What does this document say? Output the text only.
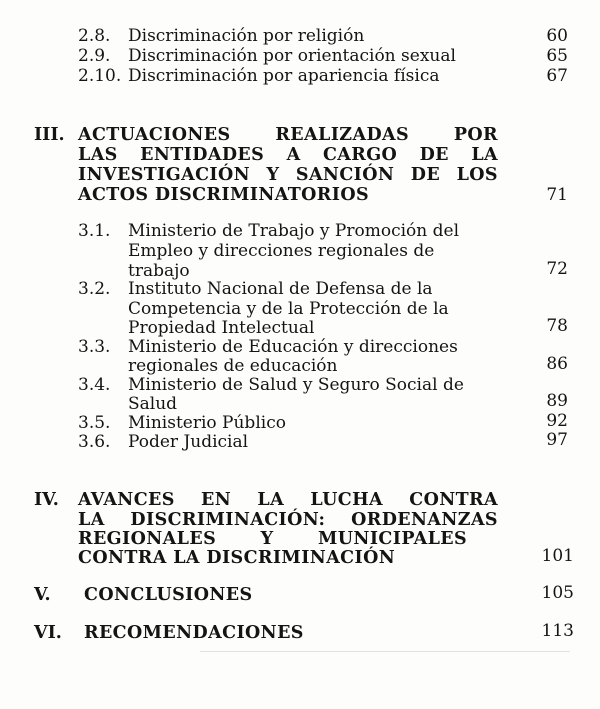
2.8. Discriminación por religión	60
2.9. Discriminación por orientación sexual	65
2.10. Discriminación por apariencia física	67
III. ACTUACIONES	REALIZADAS	POR
LAS ENTIDADES A CARGO DE LA
INVESTIGACIÓN Y SANCIÓN DE LOS
ACTOS DISCRIMINATORIOS	71
3.1. Ministerio de Trabajo y Promoción del
Empleo y direcciones regionales de
trabajo	72
3.2. Instituto Nacional de Defensa de la
Competencia y de la Protección de la
Propiedad Intelectual	78
3.3. Ministerio de Educación y direcciones
regionales de educación	86
3.4. Ministerio de Salud y Seguro Social de
Salud	89
3.5. Ministerio Público	92
3.6. Poder Judicial	97
IV. AVANCES EN LA LUCHA CONTRA
LA DISCRIMINACIÓN: ORDENANZAS
REGIONALES Y MUNICIPALES
CONTRA LA DISCRIMINACIÓN	101
V. CONCLUSIONES	105
VI. RECOMENDACIONES	113
